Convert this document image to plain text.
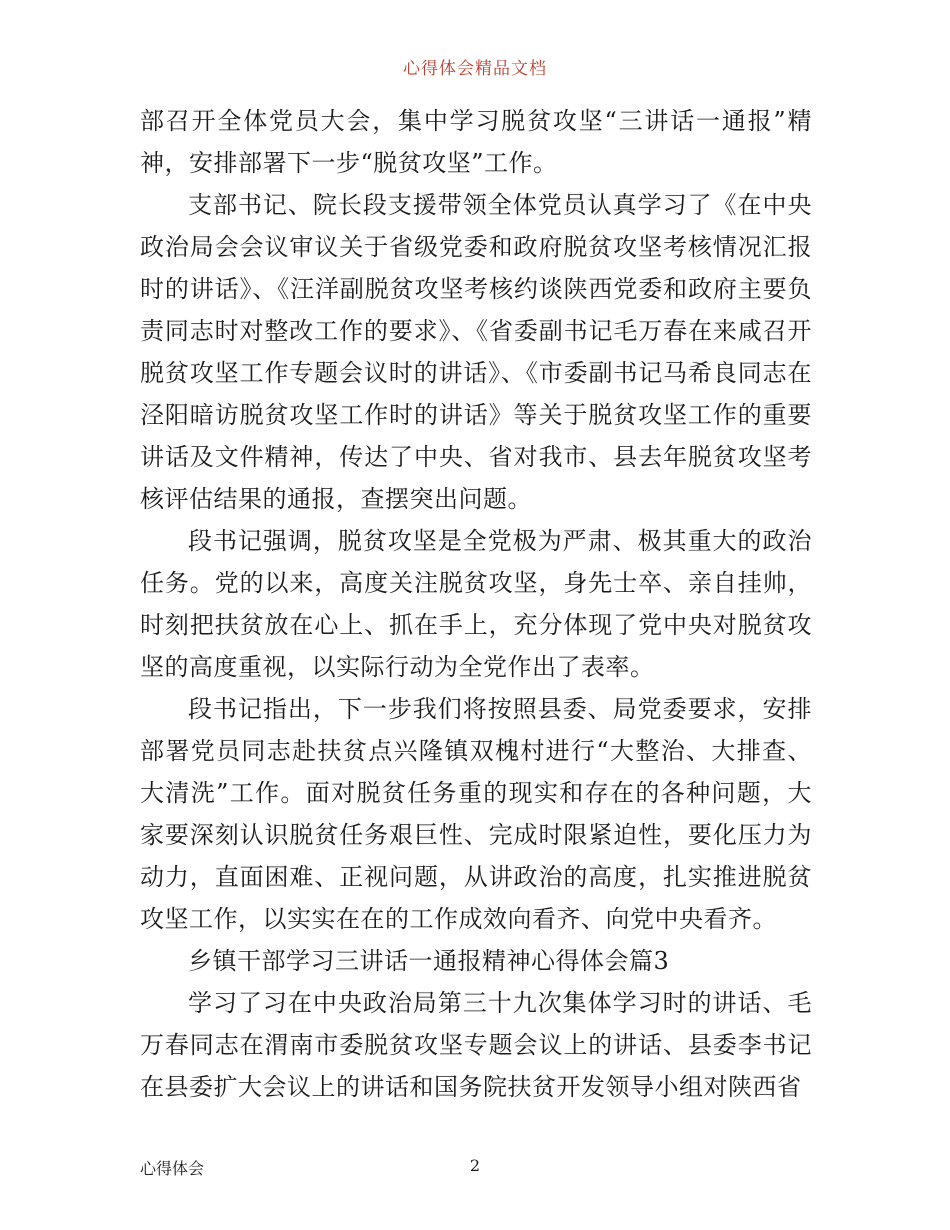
心得体会精品文档

部召开全体党员大会，集中学习脱贫攻坚“三讲话一通报”精神，安排部署下一步“脱贫攻坚”工作。

支部书记、院长段支援带领全体党员认真学习了《在中央政治局会会议审议关于省级党委和政府脱贫攻坚考核情况汇报时的讲话》、《汪洋副脱贫攻坚考核约谈陕西党委和政府主要负责同志时对整改工作的要求》、《省委副书记毛万春在来咸召开脱贫攻坚工作专题会议时的讲话》、《市委副书记马希良同志在泾阳暗访脱贫攻坚工作时的讲话》等关于脱贫攻坚工作的重要讲话及文件精神，传达了中央、省对我市、县去年脱贫攻坚考核评估结果的通报，查摆突出问题。

段书记强调，脱贫攻坚是全党极为严肃、极其重大的政治任务。党的以来，高度关注脱贫攻坚，身先士卒、亲自挂帅，时刻把扶贫放在心上、抓在手上，充分体现了党中央对脱贫攻坚的高度重视，以实际行动为全党作出了表率。

段书记指出，下一步我们将按照县委、局党委要求，安排部署党员同志赴扶贫点兴隆镇双槐村进行“大整治、大排查、大清洗”工作。面对脱贫任务重的现实和存在的各种问题，大家要深刻认识脱贫任务艰巨性、完成时限紧迫性，要化压力为动力，直面困难、正视问题，从讲政治的高度，扎实推进脱贫攻坚工作，以实实在在的工作成效向看齐、向党中央看齐。

乡镇干部学习三讲话一通报精神心得体会篇3

学习了习在中央政治局第三十九次集体学习时的讲话、毛万春同志在渭南市委脱贫攻坚专题会议上的讲话、县委李书记在县委扩大会议上的讲话和国务院扶贫开发领导小组对陕西省

心得体会	2
